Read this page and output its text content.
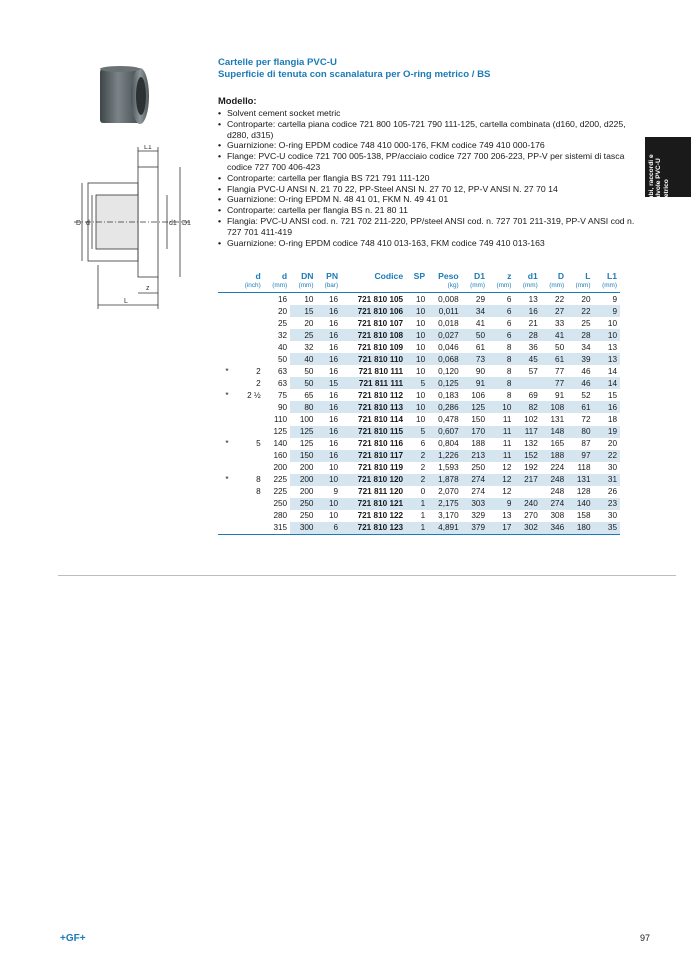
Cartelle per flangia PVC-U
Superficie di tenuta con scanalatura per O-ring metrico / BS
L1
D d	d1 D1
z
L
Modello:
• Solvent cement socket metric
• Controparte: cartella piana codice 721 800 105-721 790 111-125, cartella combinata (d160, d200, d225, d280, d315)
• Guarnizione: O-ring EPDM codice 748 410 000-176, FKM codice 749 410 000-176
• Flange: PVC-U codice 721 700 005-138, PP/acciaio codice 727 700 206-223, PP-V per sistemi di tasca codice 727 700 406-423
• Controparte: cartella per flangia BS 721 791 111-120
• Flangia PVC-U ANSI N. 21 70 22, PP-Steel ANSI N. 27 70 12, PP-V ANSI N. 27 70 14
• Guarnizione: O-ring EPDM N. 48 41 01, FKM N. 49 41 01
• Controparte: cartella per flangia BS n. 21 80 11
• Flangia: PVC-U ANSI cod. n. 721 702 211-220, PP/steel ANSI cod. n. 727 701 211-319, PP-V ANSI cod n. 727 701 411-419
• Guarnizione: O-ring EPDM codice 748 410 013-163, FKM codice 749 410 013-163
Tubi, raccordi e valvole PVC-U metrico
	d	d	DN	PN	Codice	SP	Peso	D1	z	d1	D	L	L1
	(inch)	(mm)	(mm)	(bar)			(kg)	(mm)	(mm)	(mm)	(mm)	(mm)	(mm)
		16	10	16	721 810 105	10	0,008	29	6	13	22	20	9
		20	15	16	721 810 106	10	0,011	34	6	16	27	22	9
		25	20	16	721 810 107	10	0,018	41	6	21	33	25	10
		32	25	16	721 810 108	10	0,027	50	6	28	41	28	10
		40	32	16	721 810 109	10	0,046	61	8	36	50	34	13
		50	40	16	721 810 110	10	0,068	73	8	45	61	39	13
*	2	63	50	16	721 810 111	10	0,120	90	8	57	77	46	14
	2	63	50	15	721 811 111	5	0,125	91	8		77	46	14
*	2 ½	75	65	16	721 810 112	10	0,183	106	8	69	91	52	15
		90	80	16	721 810 113	10	0,286	125	10	82	108	61	16
		110	100	16	721 810 114	10	0,478	150	11	102	131	72	18
		125	125	16	721 810 115	5	0,607	170	11	117	148	80	19
*	5	140	125	16	721 810 116	6	0,804	188	11	132	165	87	20
		160	150	16	721 810 117	2	1,226	213	11	152	188	97	22
		200	200	10	721 810 119	2	1,593	250	12	192	224	118	30
*	8	225	200	10	721 810 120	2	1,878	274	12	217	248	131	31
	8	225	200	9	721 811 120	0	2,070	274	12		248	128	26
		250	250	10	721 810 121	1	2,175	303	9	240	274	140	23
		280	250	10	721 810 122	1	3,170	329	13	270	308	158	30
		315	300	6	721 810 123	1	4,891	379	17	302	346	180	35
+GF+	97
